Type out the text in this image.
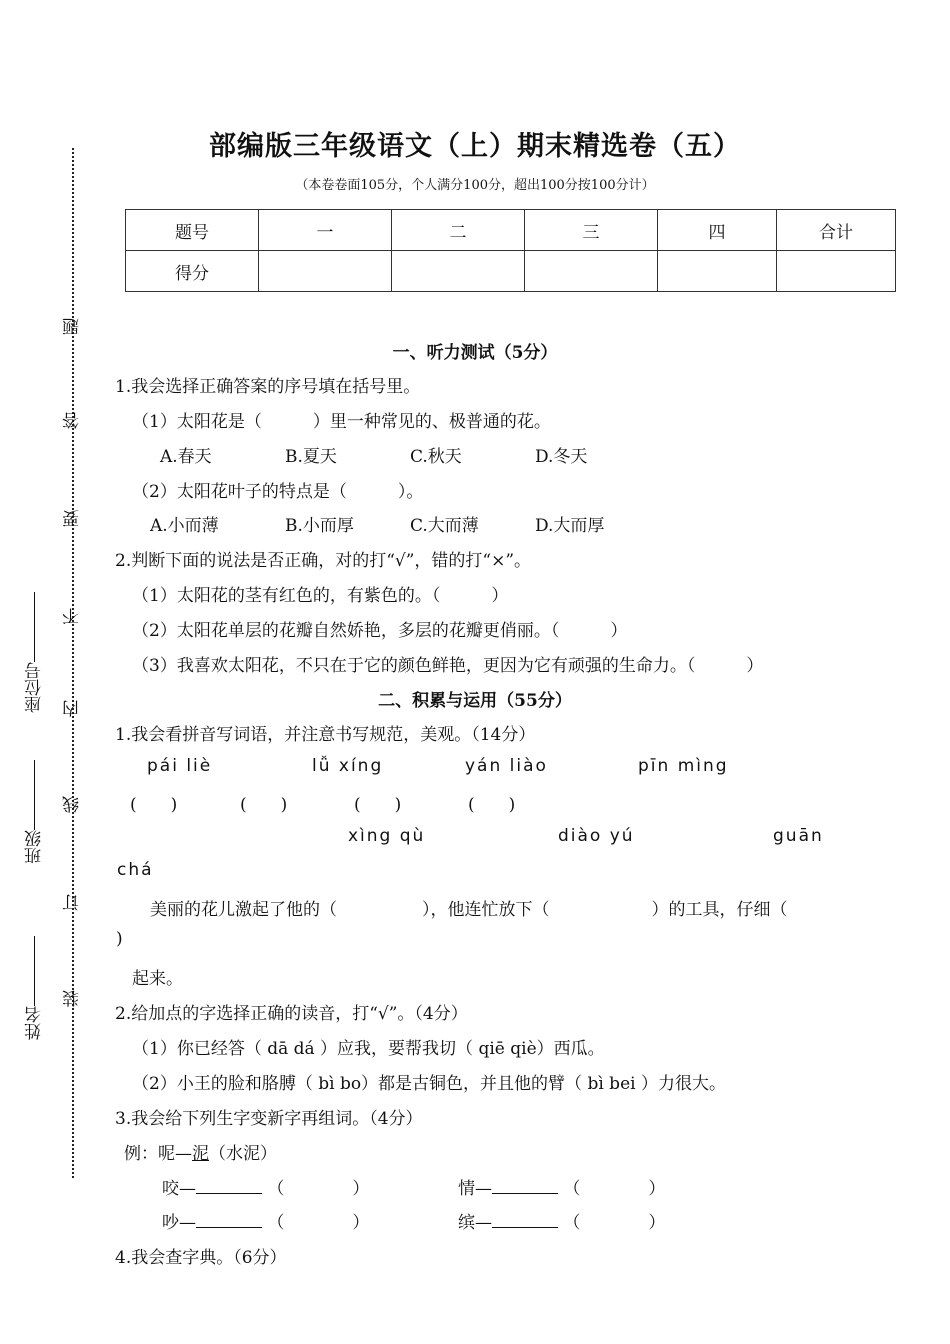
座位号
班级
姓名
题
答
要
不
内
线
订
装
部编版三年级语文（上）期末精选卷（五）
（本卷卷面105分，个人满分100分，超出100分按100分计）
题号	一	二	三	四	合计
得分					
一、听力测试（5分）
1.我会选择正确答案的序号填在括号里。
（1）太阳花是（　　　）里一种常见的、极普通的花。
A.春天	B.夏天	C.秋天	D.冬天
（2）太阳花叶子的特点是（　　　）。
A.小而薄	B.小而厚	C.大而薄	D.大而厚
2.判断下面的说法是否正确，对的打“√”，错的打“×”。
（1）太阳花的茎有红色的，有紫色的。（　　　）
（2）太阳花单层的花瓣自然娇艳，多层的花瓣更俏丽。（　　　）
（3）我喜欢太阳花，不只在于它的颜色鲜艳，更因为它有顽强的生命力。（　　　）
二、积累与运用（55分）
1.我会看拼音写词语，并注意书写规范，美观。（14分）
pái liè	lǚ xíng	yán liào	pīn mìng
(　　)	(　　)	(　　)	(　　)
xìng qù	diào yú	guān
chá
美丽的花儿激起了他的（　　　　　），他连忙放下（　　　　　　）的工具，仔细（
)
起来。
2.给加点的字选择正确的读音，打“√”。（4分）
（1）你已经答（ dā dá ）应我，要帮我切（ qiē qiè）西瓜。
（2）小王的脸和胳膊（ bì bo）都是古铜色，并且他的臂（ bì bei ）力很大。
3.我会给下列生字变新字再组词。（4分）
例：呢—泥（水泥）
咬—	（　　　　）	情—	（　　　　）
吵—	（　　　　）	缤—	（　　　　）
4.我会查字典。（6分）
